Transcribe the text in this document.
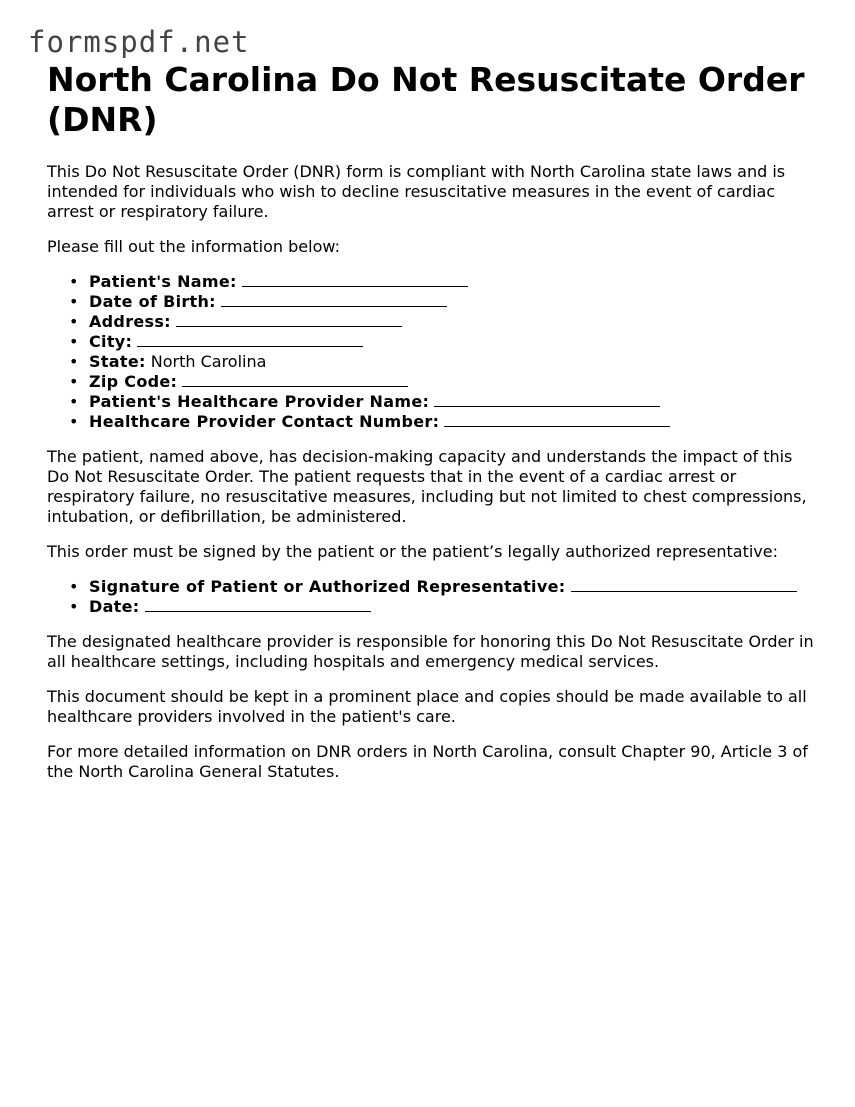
formspdf.net
North Carolina Do Not Resuscitate Order (DNR)

This Do Not Resuscitate Order (DNR) form is compliant with North Carolina state laws and is intended for individuals who wish to decline resuscitative measures in the event of cardiac arrest or respiratory failure.

Please fill out the information below:

• Patient's Name:
• Date of Birth:
• Address:
• City:
• State: North Carolina
• Zip Code:
• Patient's Healthcare Provider Name:
• Healthcare Provider Contact Number:

The patient, named above, has decision-making capacity and understands the impact of this Do Not Resuscitate Order. The patient requests that in the event of a cardiac arrest or respiratory failure, no resuscitative measures, including but not limited to chest compressions, intubation, or defibrillation, be administered.

This order must be signed by the patient or the patient’s legally authorized representative:

• Signature of Patient or Authorized Representative:
• Date:

The designated healthcare provider is responsible for honoring this Do Not Resuscitate Order in all healthcare settings, including hospitals and emergency medical services.

This document should be kept in a prominent place and copies should be made available to all healthcare providers involved in the patient's care.

For more detailed information on DNR orders in North Carolina, consult Chapter 90, Article 3 of the North Carolina General Statutes.
